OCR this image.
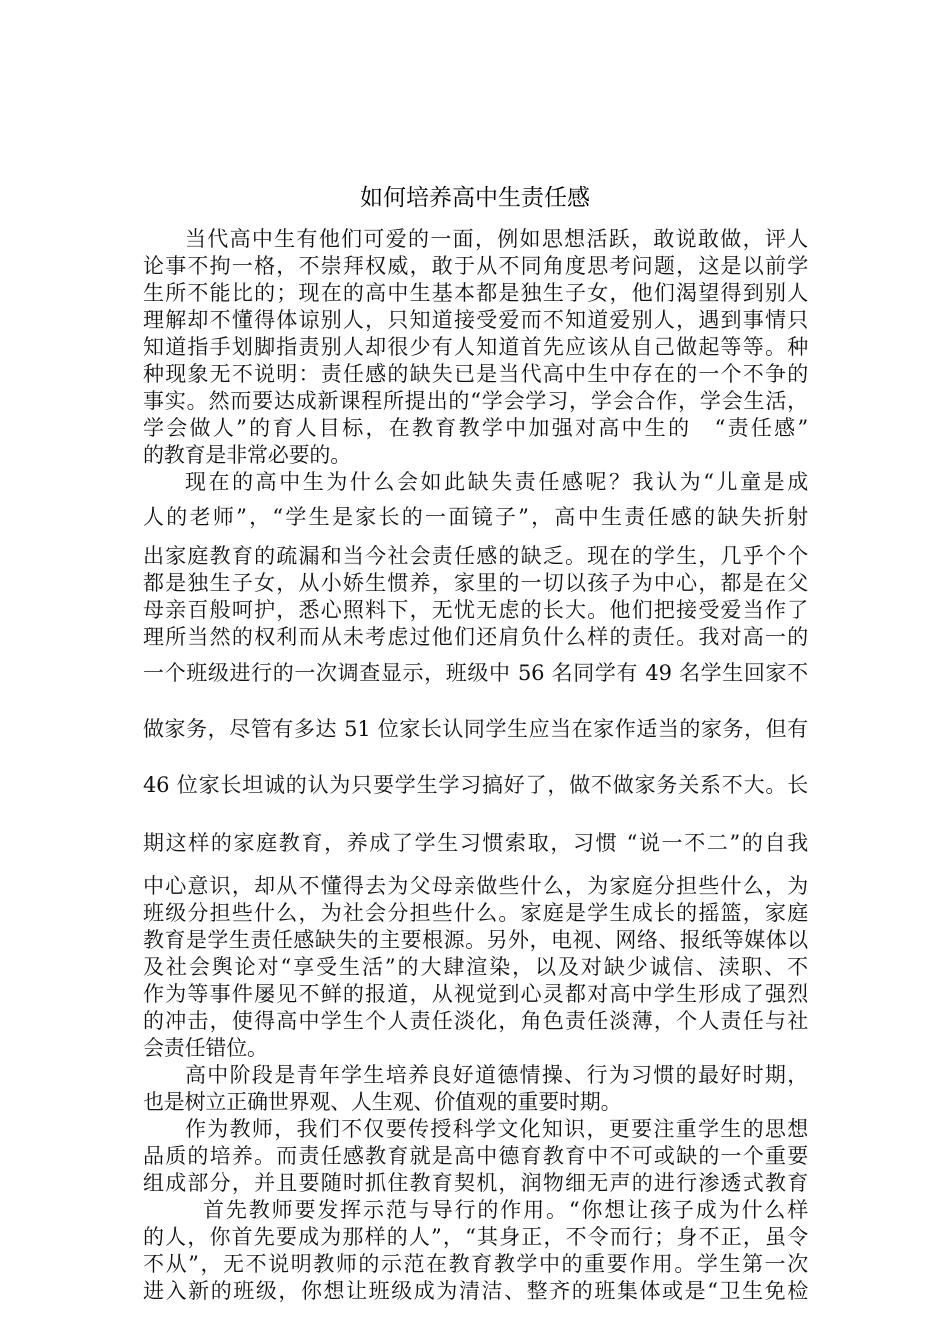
如何培养高中生责任感
当代高中生有他们可爱的一面，例如思想活跃，敢说敢做，评人
论事不拘一格，不崇拜权威，敢于从不同角度思考问题，这是以前学
生所不能比的；现在的高中生基本都是独生子女，他们渴望得到别人
理解却不懂得体谅别人，只知道接受爱而不知道爱别人，遇到事情只
知道指手划脚指责别人却很少有人知道首先应该从自己做起等等。种
种现象无不说明：责任感的缺失已是当代高中生中存在的一个不争的
事实。然而要达成新课程所提出的“学会学习，学会合作，学会生活，
学会做人”的育人目标，在教育教学中加强对高中生的　“责任感”
的教育是非常必要的。
现在的高中生为什么会如此缺失责任感呢？我认为“儿童是成
人的老师”，“学生是家长的一面镜子”，高中生责任感的缺失折射
出家庭教育的疏漏和当今社会责任感的缺乏。现在的学生，几乎个个
都是独生子女，从小娇生惯养，家里的一切以孩子为中心，都是在父
母亲百般呵护，悉心照料下，无忧无虑的长大。他们把接受爱当作了
理所当然的权利而从未考虑过他们还肩负什么样的责任。我对高一的
一个班级进行的一次调查显示，班级中 56 名同学有 49 名学生回家不
做家务，尽管有多达 51 位家长认同学生应当在家作适当的家务，但有
46 位家长坦诚的认为只要学生学习搞好了，做不做家务关系不大。长
期这样的家庭教育，养成了学生习惯索取，习惯 “说一不二”的自我
中心意识，却从不懂得去为父母亲做些什么，为家庭分担些什么，为
班级分担些什么，为社会分担些什么。家庭是学生成长的摇篮，家庭
教育是学生责任感缺失的主要根源。另外，电视、网络、报纸等媒体以
及社会舆论对“享受生活”的大肆渲染，以及对缺少诚信、渎职、不
作为等事件屡见不鲜的报道，从视觉到心灵都对高中学生形成了强烈
的冲击，使得高中学生个人责任淡化，角色责任淡薄，个人责任与社
会责任错位。
高中阶段是青年学生培养良好道德情操、行为习惯的最好时期，
也是树立正确世界观、人生观、价值观的重要时期。
作为教师，我们不仅要传授科学文化知识，更要注重学生的思想
品质的培养。而责任感教育就是高中德育教育中不可或缺的一个重要
组成部分，并且要随时抓住教育契机，润物细无声的进行渗透式教育
首先教师要发挥示范与导行的作用。“你想让孩子成为什么样
的人，你首先要成为那样的人”，“其身正，不令而行；身不正，虽令
不从”，无不说明教师的示范在教育教学中的重要作用。学生第一次
进入新的班级，你想让班级成为清洁、整齐的班集体或是“卫生免检
